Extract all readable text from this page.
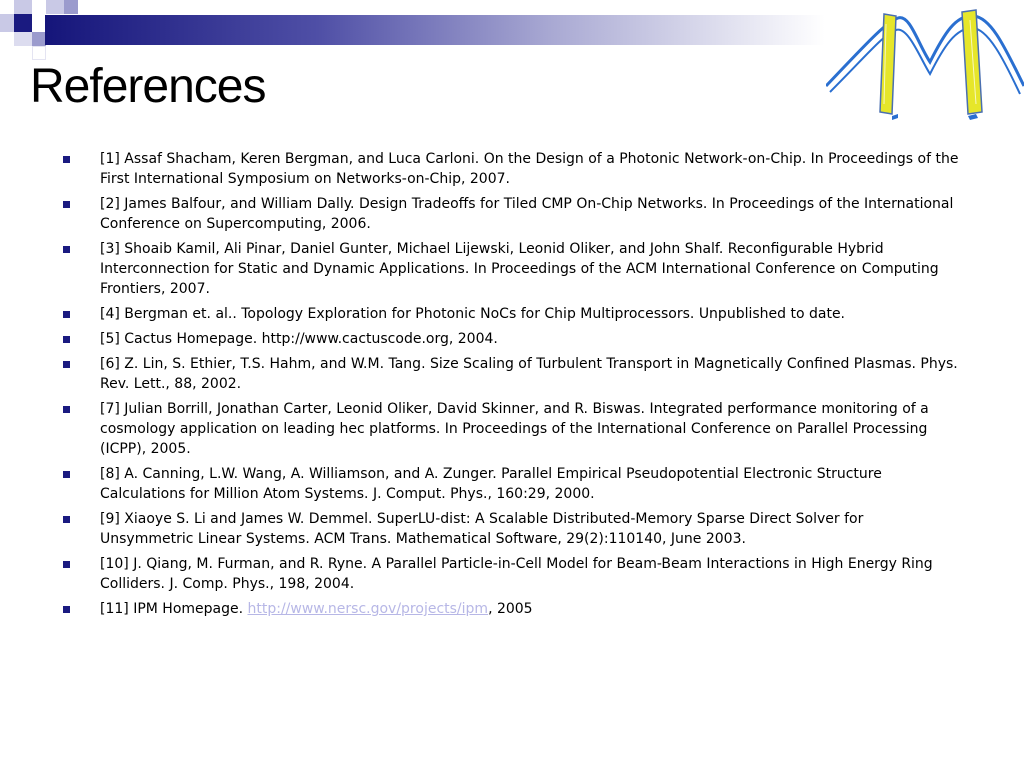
References
[1] Assaf Shacham, Keren Bergman, and Luca Carloni. On the Design of a Photonic Network-on-Chip. In Proceedings of the First International Symposium on Networks-on-Chip, 2007.
[2] James Balfour, and William Dally. Design Tradeoffs for Tiled CMP On-Chip Networks. In Proceedings of the International Conference on Supercomputing, 2006.
[3] Shoaib Kamil, Ali Pinar, Daniel Gunter, Michael Lijewski, Leonid Oliker, and John Shalf. Reconfigurable Hybrid Interconnection for Static and Dynamic Applications. In Proceedings of the ACM International Conference on Computing Frontiers, 2007.
[4] Bergman et. al.. Topology Exploration for Photonic NoCs for Chip Multiprocessors. Unpublished to date.
[5] Cactus Homepage. http://www.cactuscode.org, 2004.
[6] Z. Lin, S. Ethier, T.S. Hahm, and W.M. Tang. Size Scaling of Turbulent Transport in Magnetically Confined Plasmas. Phys. Rev. Lett., 88, 2002.
[7] Julian Borrill, Jonathan Carter, Leonid Oliker, David Skinner, and R. Biswas. Integrated performance monitoring of a cosmology application on leading hec platforms. In Proceedings of the International Conference on Parallel Processing (ICPP), 2005.
[8] A. Canning, L.W. Wang, A. Williamson, and A. Zunger. Parallel Empirical Pseudopotential Electronic Structure Calculations for Million Atom Systems. J. Comput. Phys., 160:29, 2000.
[9] Xiaoye S. Li and James W. Demmel. SuperLU-dist: A Scalable Distributed-Memory Sparse Direct Solver for Unsymmetric Linear Systems. ACM Trans. Mathematical Software, 29(2):110140, June 2003.
[10] J. Qiang, M. Furman, and R. Ryne. A Parallel Particle-in-Cell Model for Beam-Beam Interactions in High Energy Ring Colliders. J. Comp. Phys., 198, 2004.
[11] IPM Homepage. http://www.nersc.gov/projects/ipm, 2005
